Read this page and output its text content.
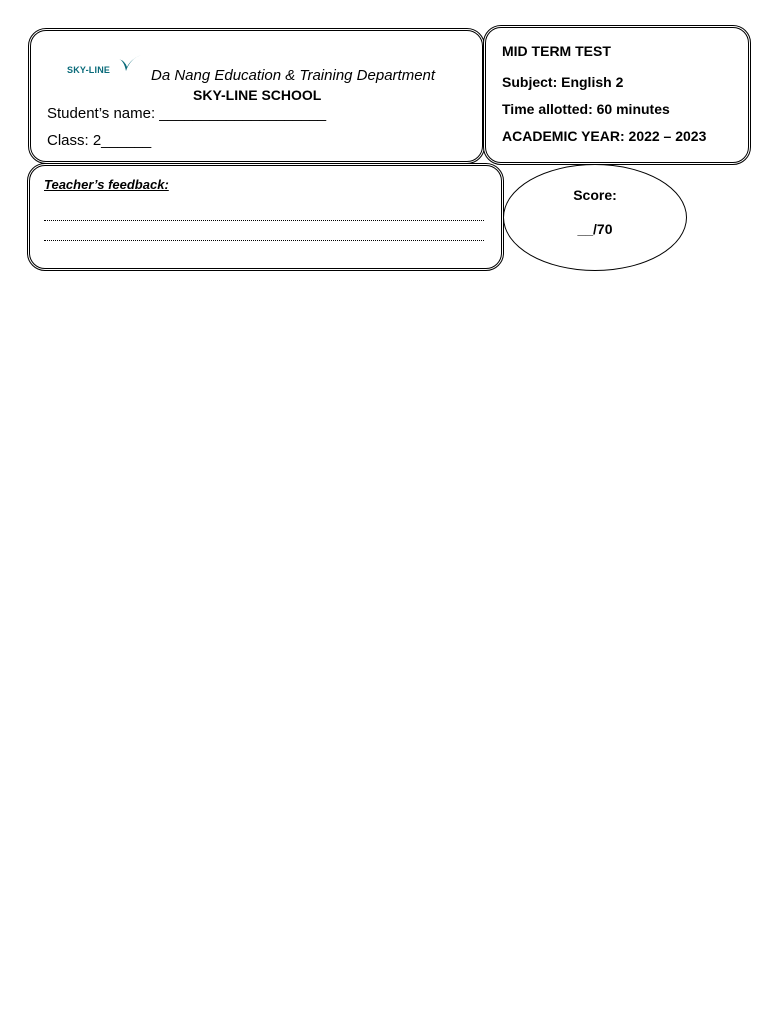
SKY-LINE	Da Nang Education & Training Department
SKY-LINE SCHOOL
Student’s name: ____________________
Class: 2______
MID TERM TEST
Subject: English 2
Time allotted: 60 minutes
ACADEMIC YEAR: 2022 – 2023
Teacher’s feedback:
Score:
__/70
